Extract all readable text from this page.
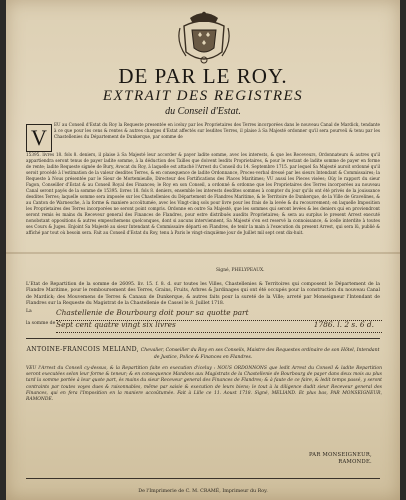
DE PAR LE ROY.
EXTRAIT DES REGISTRES
du Conseil d'Estat.
V
EU au Conseil d'Estat du Roy la Requeste presentée en iceluy par les Proprietaires des Terres incorporées dans le nouveau Canal de Mardick, tendante à ce que pour les cens & rentes & autres charges d'Estat affectés sur lesdites Terres, il plaise à Sa Majesté ordonner qu'il sera pourveû & tenu par les Chastellenies du Département de Dunkerque, par somme de
15395. livres 18. fols 8. deniers, il plaise à Sa Majesté leur accorder & payer ladite somme, avec les interests, & que les Receveurs, Ordonnateurs & autres qu'il appartiendra seront tenus de payer ladite somme, à la déduction des Tailles que doivent lesdits Proprietaires, & pour le restant de ladite somme de payer en forme de rente; ladite Requeste signée de Bury, Avocat du Roy, à laquelle est attaché l'Arrest du Conseil du 14. Septembre 1715. par lequel Sa Majesté auroit ordonné qu'il seroit procédé à l'estimation de la valeur desdites Terres, & en consequence de ladite Ordonnance, Proces-verbal dressé par les sieurs Intendant & Commissaires; la Requeste à Nous présentée par le Sieur de Mortemieulle, Directeur des Fortifications des Places Maritimes; VU aussi les Pieces visées; Oüy le rapport du sieur Fagon, Conseiller d'Estat & au Conseil Royal des Finances; le Roy en son Conseil, a ordonné & ordonne que les Proprietaires des Terres incorporées au nouveau Canal seront payés de la somme de 15395. livres 18. fols 8. deniers, ensemble les interests desdites sommes à compter du jour qu'ils ont été privés de la jouissance desdites Terres; laquelle somme sera imposée sur les Chastellenies du Département de Flandres Maritime, & le Territoire de Dunkerque, de la Ville de Gravelines, & au Canton de Warnesche, à la forme & maniere accoûtumée, avec les Vingt-cinq sols pour livre pour les frais de la levée & du recouvrement; en laquelle Imposition les Proprietaires des Terres incorporées ne seront point compris. Ordonne en outre Sa Majesté, que les sommes qui seront levées & les deniers qui en proviendront seront remis ès mains du Receveur general des Finances de Flandres, pour estre distribués ausdits Proprietaires; & sera au surplus le present Arrest executé nonobstant oppositions & autres empeschemens quelconques, dont si aucuns interviennent, Sa Majesté s'en est reservé la connoissance, & icelle interdite à toutes ses Cours & Juges. Enjoint Sa Majesté au sieur Intendant & Commissaire départi en Flandres, de tenir la main à l'execution du present Arrest, qui sera lû, publié & affiché par tout où besoin sera. Fait au Conseil d'Estat du Roy, tenu à Paris le vingt-cinquième jour de Juillet mil sept cent dix-huit.
Signé, PHELYPEAUX.
L'Etat de Repartition de la somme de 26095. liv. 15. f. 8. d. sur toutes les Villes, Chastellenies & Territoires qui composent le Département de la Flandre Maritime, pour le remboursement des Terres, Grains, Fruits, Arbres & Jardinages qui ont été occupés pour la construction du nouveau Canal de Mardick; des Mouvemens de Terres & Canaux de Dunkerque, & autres faits pour la sureté de la Ville; arreté par Monseigneur l'Intendant de Flandres sur la Requeste du Magistrat de la Chastellenie de Cassel le 8. Juillet 1718.
La	Chastellenie de Bourbourg doit pour sa quotte part
la somme de Sept cent quatre vingt six livres	1786. l. 2 s. 6 d.
ANTOINE-FRANCOIS MELIAND, Chevalier, Conseiller du Roy en ses Conseils, Maistre des Requestes ordinaire de son Hôtel, Intendant de Justice, Police & Finances en Flandres.
VEU l'Arrest du Conseil cy-dessus, & la Repartition faite en execution d'iceluy : NOUS ORDONNONS que ledit Arrest du Conseil & ladite Repartition seront executées selon leur forme & teneur; & en consequence Mandons aux Magistrats de la Chastellenie de Bourbourg de payer dans deux mois au plus tard la somme portée à leur quote part, ès mains du sieur Receveur general des Finances de Flandres; & à faute de ce faire, & ledit temps passé, y seront contraints par toutes voyes dues & raisonnables, même par saisie & execution de leurs biens; le tout à la diligence dudit sieur Receveur general des Finances, qui en fera l'Imposition en la maniere accoûtumée. Fait à Lille ce 11. Aoust 1718. Signé, MELIAND. Et plus bas, PAR MONSEIGNEUR, RAMONDE.
PAR MONSEIGNEUR,
RAMONDE.
De l'Imprimerie de C. M. CRAMÉ, Imprimeur du Roy.
